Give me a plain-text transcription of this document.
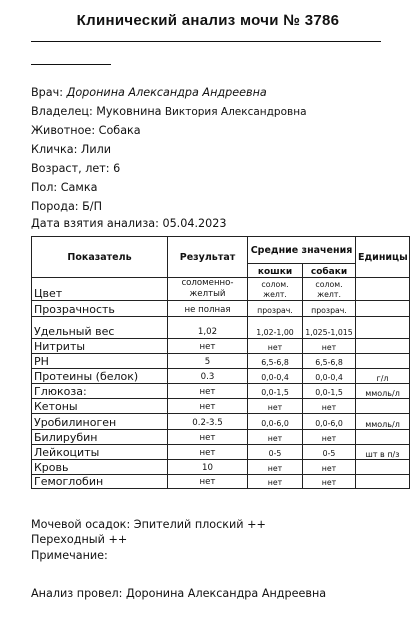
Клинический анализ мочи № 3786
Врач: Доронина Александра Андреевна
Владелец: Муковнина Виктория Александровна
Животное: Собака
Кличка: Лили
Возраст, лет: 6
Пол: Самка
Порода: Б/П
Дата взятия анализа: 05.04.2023
Показатель	Результат	Средние значения		Единицы
		кошки	собаки	
Цвет	соломенно-желтый	солом. желт.	солом. желт.	
Прозрачность	не полная	прозрач.	прозрач.	
Удельный вес	1,02	1,02-1,00	1,025-1,015	
Нитриты	нет	нет	нет	
PH	5	6,5-6,8	6,5-6,8	
Протеины (белок)	0.3	0,0-0,4	0,0-0,4	г/л
Глюкоза:	нет	0,0-1,5	0,0-1,5	ммоль/л
Кетоны	нет	нет	нет	
Уробилиноген	0.2-3.5	0,0-6,0	0,0-6,0	ммоль/л
Билирубин	нет	нет	нет	
Лейкоциты	нет	0-5	0-5	шт в п/з
Кровь	10	нет	нет	
Гемоглобин	нет	нет	нет	
Мочевой осадок: Эпителий плоский ++
Переходный ++
Примечание:
Анализ провел: Доронина Александра Андреевна
